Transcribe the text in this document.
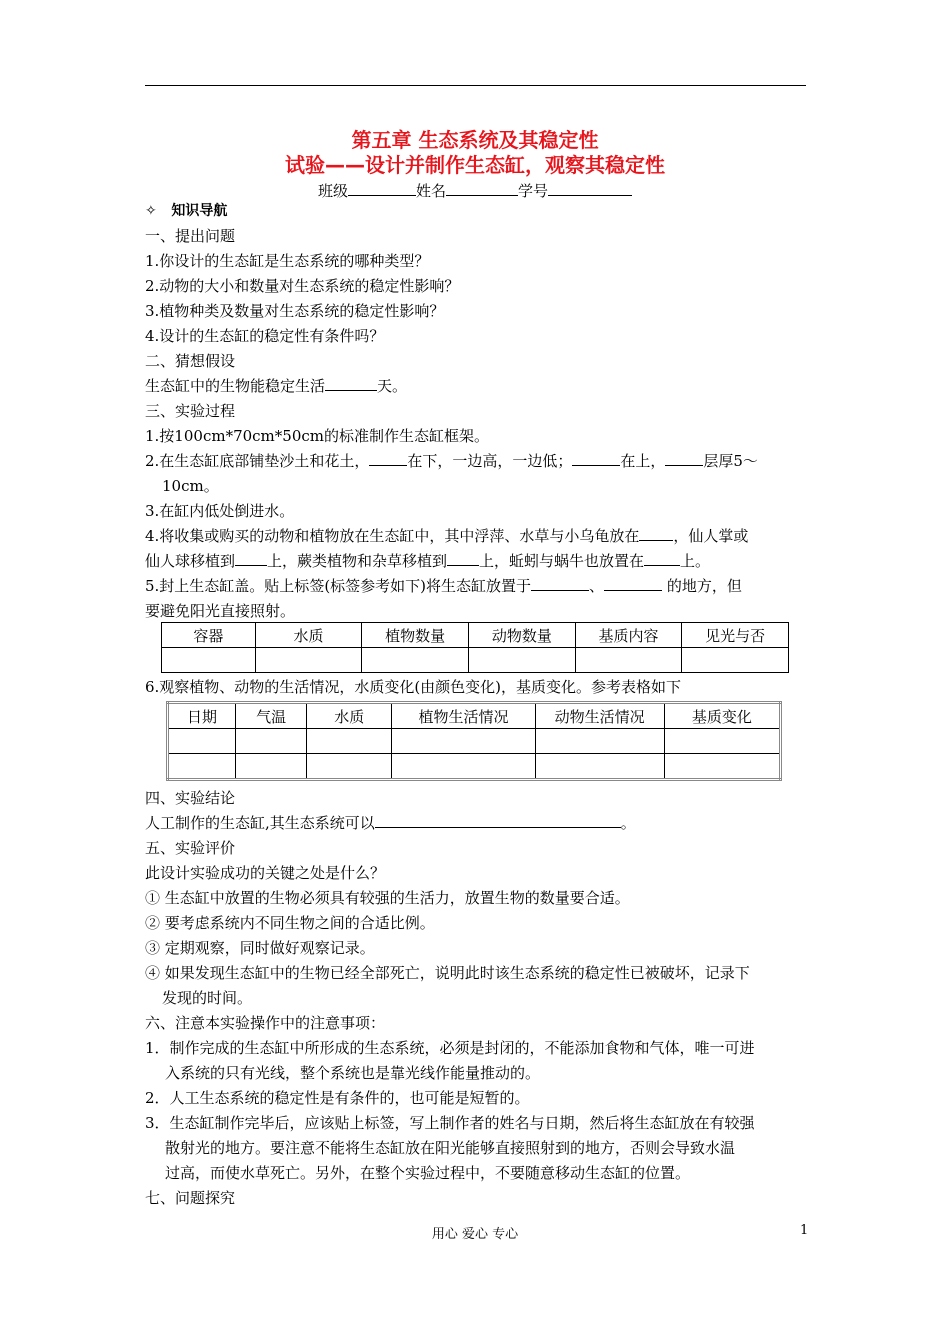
第五章 生态系统及其稳定性
试验——设计并制作生态缸，观察其稳定性
班级	姓名	学号
✧ 知识导航
一、提出问题
1.你设计的生态缸是生态系统的哪种类型？
2.动物的大小和数量对生态系统的稳定性影响？
3.植物种类及数量对生态系统的稳定性影响？
4.设计的生态缸的稳定性有条件吗？
二、猜想假设
生态缸中的生物能稳定生活	天。
三、实验过程
1.按100cm*70cm*50cm的标准制作生态缸框架。
2.在生态缸底部铺垫沙土和花土，	在下，一边高，一边低；	在上，	层厚5～
10cm。
3.在缸内低处倒进水。
4.将收集或购买的动物和植物放在生态缸中，其中浮萍、水草与小乌龟放在 ，仙人掌或
仙人球移植到 上，蕨类植物和杂草移植到 上，蚯蚓与蜗牛也放置在 上。
5.封上生态缸盖。贴上标签(标签参考如下)将生态缸放置于	、	的地方，但
要避免阳光直接照射。
容器	水质	植物数量	动物数量	基质内容	见光与否

6.观察植物、动物的生活情况，水质变化(由颜色变化)，基质变化。参考表格如下
日期	气温	水质	植物生活情况	动物生活情况	基质变化

四、实验结论
人工制作的生态缸,其生态系统可以	。
五、实验评价
此设计实验成功的关键之处是什么？
① 生态缸中放置的生物必须具有较强的生活力，放置生物的数量要合适。
② 要考虑系统内不同生物之间的合适比例。
③ 定期观察，同时做好观察记录。
④ 如果发现生态缸中的生物已经全部死亡，说明此时该生态系统的稳定性已被破坏，记录下
发现的时间。
六、注意本实验操作中的注意事项：
1．制作完成的生态缸中所形成的生态系统，必须是封闭的，不能添加食物和气体，唯一可进
入系统的只有光线，整个系统也是靠光线作能量推动的。
2．人工生态系统的稳定性是有条件的，也可能是短暂的。
3．生态缸制作完毕后，应该贴上标签，写上制作者的姓名与日期，然后将生态缸放在有较强
散射光的地方。要注意不能将生态缸放在阳光能够直接照射到的地方，否则会导致水温
过高，而使水草死亡。另外，在整个实验过程中，不要随意移动生态缸的位置。
七、问题探究
用心 爱心 专心	1
